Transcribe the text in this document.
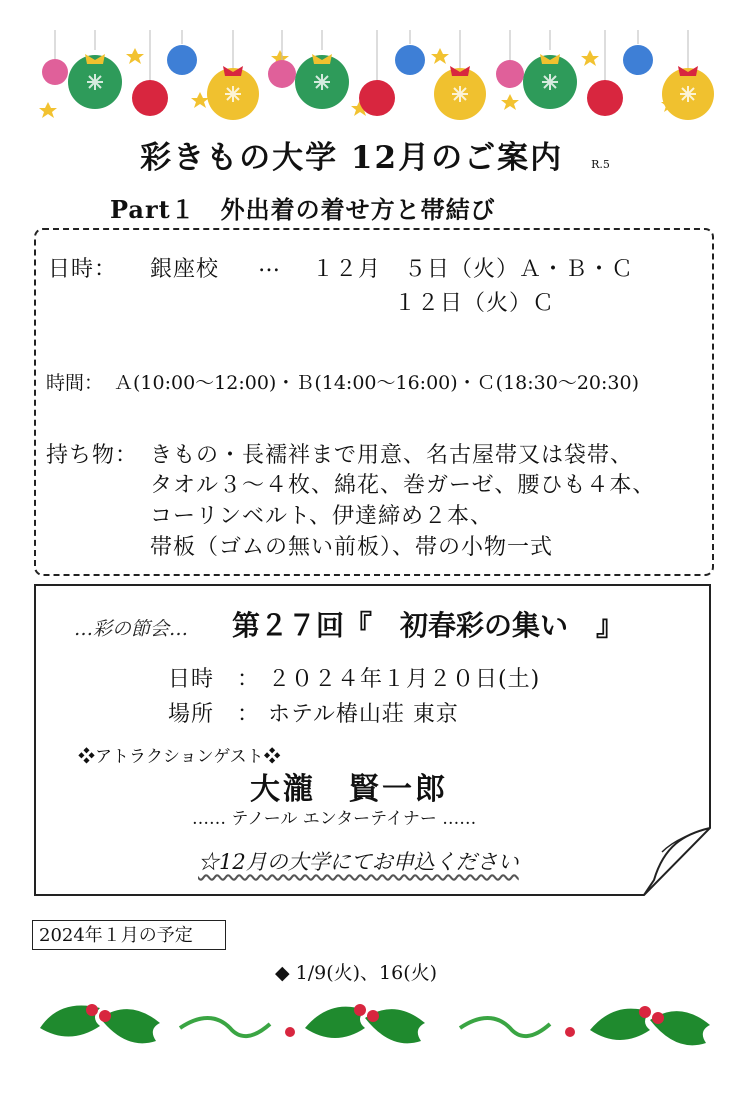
彩きもの大学 12月のご案内	R.5
Part１　外出着の着せ方と帯結び
日時： 銀座校 … １２月　５日（火）Ａ・Ｂ・Ｃ
１２日（火）Ｃ
時間： Ａ(10:00～12:00)・Ｂ(14:00～16:00)・Ｃ(18:30～20:30)
持ち物： きもの・長襦袢まで用意、名古屋帯又は袋帯、
タオル３～４枚、綿花、巻ガーゼ、腰ひも４本、
コーリンベルト、伊達締め２本、
帯板（ゴムの無い前板）、帯の小物一式
…彩の節会… 第２７回『　初春彩の集い　』
日時　： ２０２４年１月２０日(土)
場所　： ホテル椿山荘 東京
❖アトラクションゲスト❖
大瀧　賢一郎
…… テノール エンターテイナー ……
☆12月の大学にてお申込ください
2024年１月の予定
◆ 1/9(火)、16(火)
